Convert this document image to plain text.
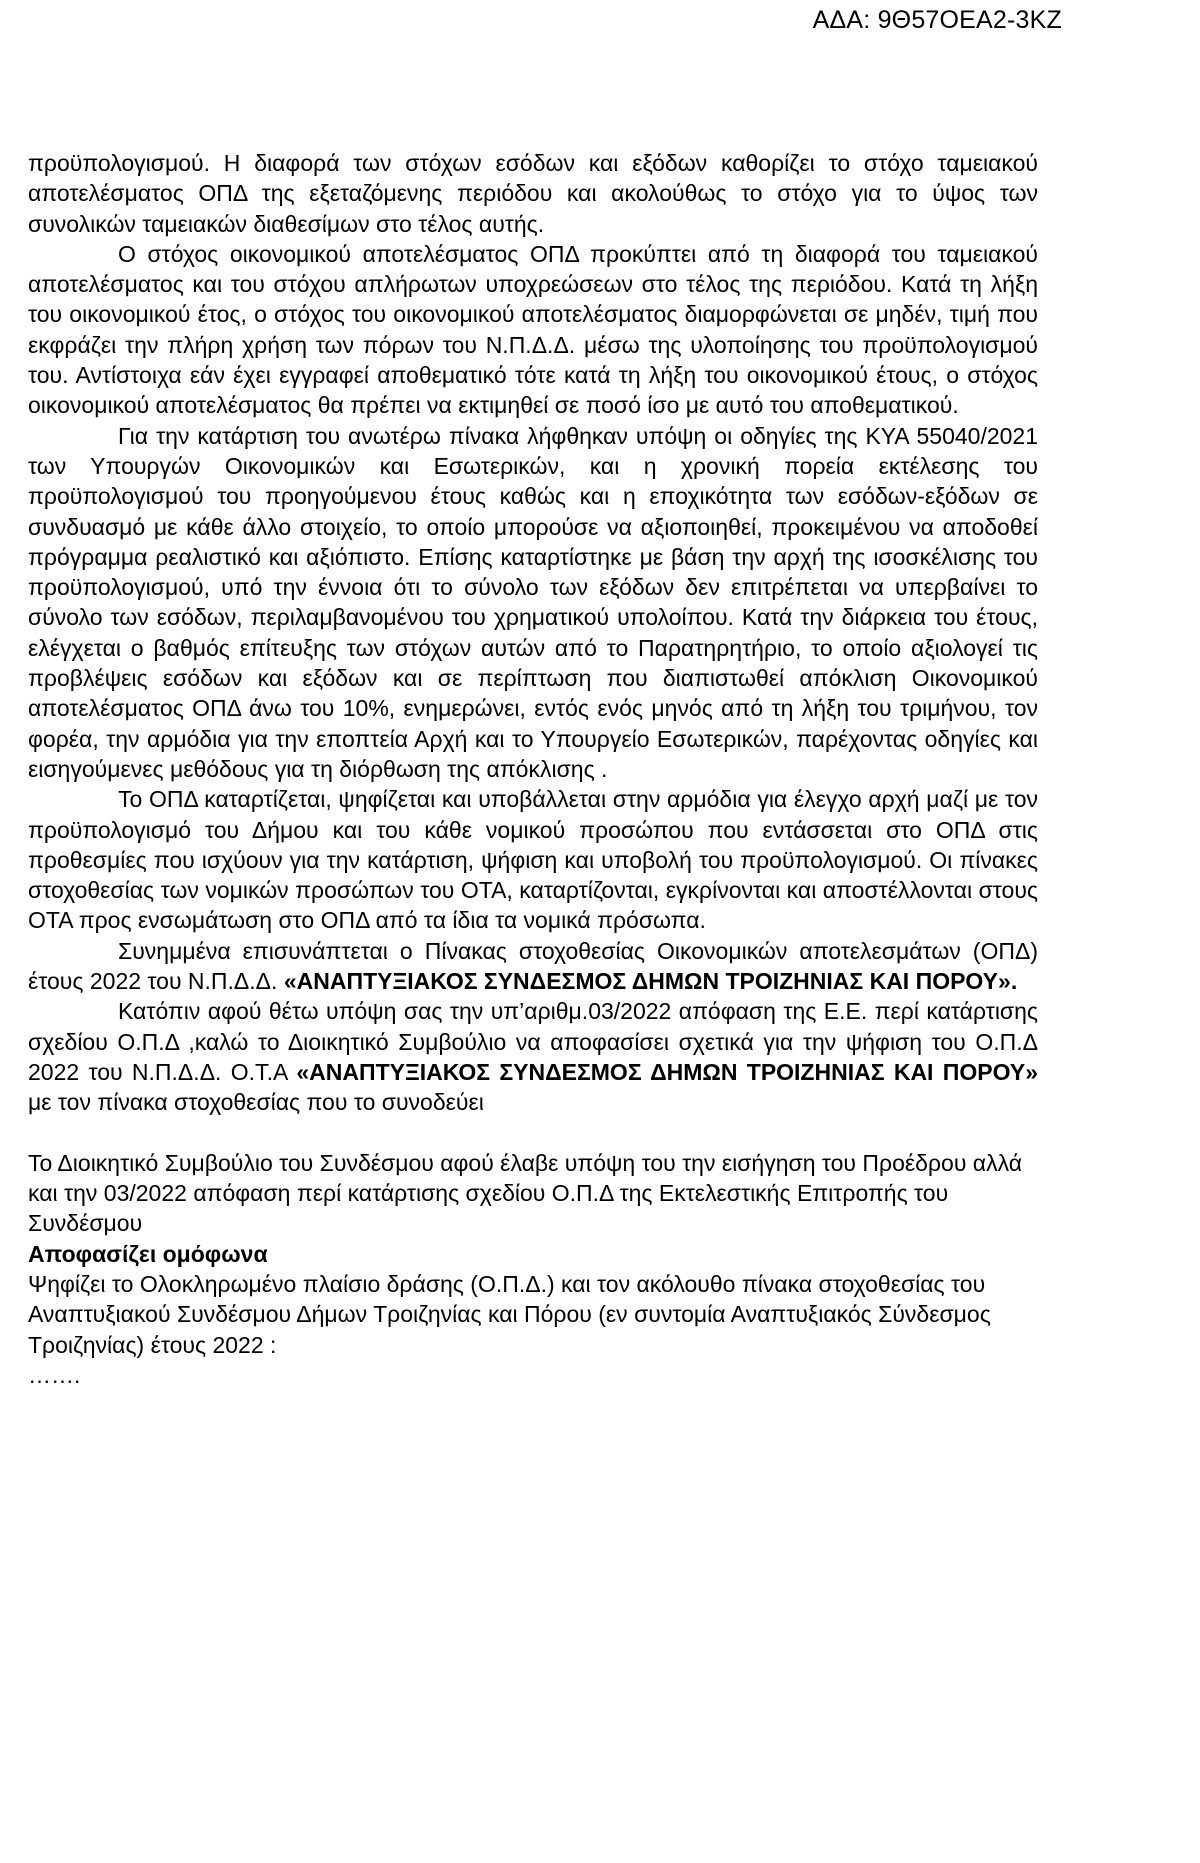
ΑΔΑ: 9Θ57ΟΕΑ2-3ΚΖ

προϋπολογισμού. Η διαφορά των στόχων εσόδων και εξόδων καθορίζει το στόχο ταμειακού αποτελέσματος ΟΠΔ της εξεταζόμενης περιόδου και ακολούθως το στόχο για το ύψος των συνολικών ταμειακών διαθεσίμων στο τέλος αυτής.

Ο στόχος οικονομικού αποτελέσματος ΟΠΔ προκύπτει από τη διαφορά του ταμειακού αποτελέσματος και του στόχου απλήρωτων υποχρεώσεων στο τέλος της περιόδου. Κατά τη λήξη του οικονομικού έτος, ο στόχος του οικονομικού αποτελέσματος διαμορφώνεται σε μηδέν, τιμή που εκφράζει την πλήρη χρήση των πόρων του Ν.Π.Δ.Δ. μέσω της υλοποίησης του προϋπολογισμού του. Αντίστοιχα εάν έχει εγγραφεί αποθεματικό τότε κατά τη λήξη του οικονομικού έτους, ο στόχος οικονομικού αποτελέσματος θα πρέπει να εκτιμηθεί σε ποσό ίσο με αυτό του αποθεματικού.

Για την κατάρτιση του ανωτέρω πίνακα λήφθηκαν υπόψη οι οδηγίες της ΚΥΑ 55040/2021 των Υπουργών Οικονομικών και Εσωτερικών, και η χρονική πορεία εκτέλεσης του προϋπολογισμού του προηγούμενου έτους καθώς και η εποχικότητα των εσόδων-εξόδων σε συνδυασμό με κάθε άλλο στοιχείο, το οποίο μπορούσε να αξιοποιηθεί, προκειμένου να αποδοθεί πρόγραμμα ρεαλιστικό και αξιόπιστο. Επίσης καταρτίστηκε με βάση την αρχή της ισοσκέλισης του προϋπολογισμού, υπό την έννοια ότι το σύνολο των εξόδων δεν επιτρέπεται να υπερβαίνει το σύνολο των εσόδων, περιλαμβανομένου του χρηματικού υπολοίπου. Κατά την διάρκεια του έτους, ελέγχεται ο βαθμός επίτευξης των στόχων αυτών από το Παρατηρητήριο, το οποίο αξιολογεί τις προβλέψεις εσόδων και εξόδων και σε περίπτωση που διαπιστωθεί απόκλιση Οικονομικού αποτελέσματος ΟΠΔ άνω του 10%, ενημερώνει, εντός ενός μηνός από τη λήξη του τριμήνου, τον φορέα, την αρμόδια για την εποπτεία Αρχή και το Υπουργείο Εσωτερικών, παρέχοντας οδηγίες και εισηγούμενες μεθόδους για τη διόρθωση της απόκλισης .

Το ΟΠΔ καταρτίζεται, ψηφίζεται και υποβάλλεται στην αρμόδια για έλεγχο αρχή μαζί με τον προϋπολογισμό του Δήμου και του κάθε νομικού προσώπου που εντάσσεται στο ΟΠΔ στις προθεσμίες που ισχύουν για την κατάρτιση, ψήφιση και υποβολή του προϋπολογισμού. Οι πίνακες στοχοθεσίας των νομικών προσώπων του ΟΤΑ, καταρτίζονται, εγκρίνονται και αποστέλλονται στους ΟΤΑ προς ενσωμάτωση στο ΟΠΔ από τα ίδια τα νομικά πρόσωπα.

Συνημμένα επισυνάπτεται ο Πίνακας στοχοθεσίας Οικονομικών αποτελεσμάτων (ΟΠΔ) έτους 2022 του Ν.Π.Δ.Δ. «ΑΝΑΠΤΥΞΙΑΚΟΣ ΣΥΝΔΕΣΜΟΣ ΔΗΜΩΝ ΤΡΟΙΖΗΝΙΑΣ ΚΑΙ ΠΟΡΟΥ».

Κατόπιν αφού θέτω υπόψη σας την υπ’αριθμ.03/2022 απόφαση της Ε.Ε. περί κατάρτισης σχεδίου Ο.Π.Δ ,καλώ το Διοικητικό Συμβούλιο να αποφασίσει σχετικά για την ψήφιση του Ο.Π.Δ 2022 του Ν.Π.Δ.Δ. Ο.Τ.Α «ΑΝΑΠΤΥΞΙΑΚΟΣ ΣΥΝΔΕΣΜΟΣ ΔΗΜΩΝ ΤΡΟΙΖΗΝΙΑΣ ΚΑΙ ΠΟΡΟΥ» με τον πίνακα στοχοθεσίας που το συνοδεύει

Το Διοικητικό Συμβούλιο του Συνδέσμου αφού έλαβε υπόψη του την εισήγηση του Προέδρου αλλά και την 03/2022 απόφαση περί κατάρτισης σχεδίου Ο.Π.Δ της Εκτελεστικής Επιτροπής του Συνδέσμου

Αποφασίζει ομόφωνα

Ψηφίζει το Ολοκληρωμένο πλαίσιο δράσης (Ο.Π.Δ.) και τον ακόλουθο πίνακα στοχοθεσίας του Αναπτυξιακού Συνδέσμου Δήμων Τροιζηνίας και Πόρου (εν συντομία Αναπτυξιακός Σύνδεσμος Τροιζηνίας) έτους 2022 :

…….
